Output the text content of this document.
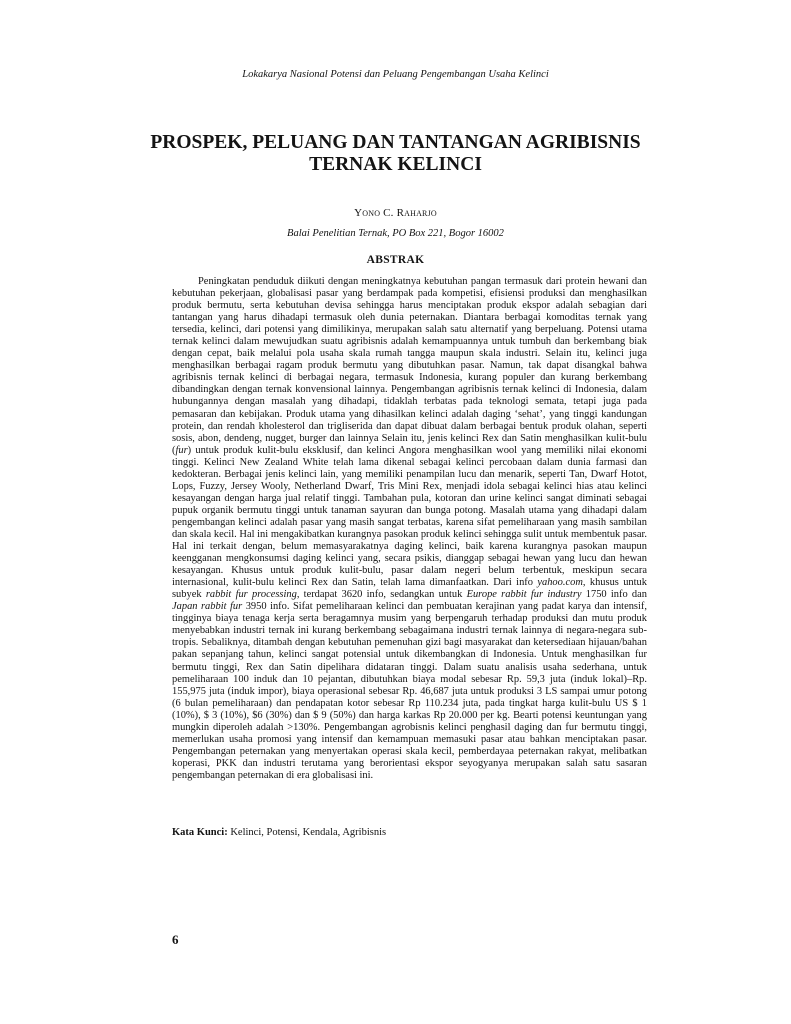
Lokakarya Nasional Potensi dan Peluang Pengembangan Usaha Kelinci
PROSPEK, PELUANG DAN TANTANGAN AGRIBISNIS
TERNAK KELINCI
Yono C. Raharjo
Balai Penelitian Ternak, PO Box 221, Bogor 16002
ABSTRAK

Peningkatan penduduk diikuti dengan meningkatnya kebutuhan pangan termasuk dari protein hewani dan kebutuhan pekerjaan, globalisasi pasar yang berdampak pada kompetisi, efisiensi produksi dan menghasilkan produk bermutu, serta kebutuhan devisa sehingga harus menciptakan produk ekspor adalah sebagian dari tantangan yang harus dihadapi termasuk oleh dunia peternakan. Diantara berbagai komoditas ternak yang tersedia, kelinci, dari potensi yang dimilikinya, merupakan salah satu alternatif yang berpeluang. Potensi utama ternak kelinci dalam mewujudkan suatu agribisnis adalah kemampuannya untuk tumbuh dan berkembang biak dengan cepat, baik melalui pola usaha skala rumah tangga maupun skala industri. Selain itu, kelinci juga menghasilkan berbagai ragam produk bermutu yang dibutuhkan pasar. Namun, tak dapat disangkal bahwa agribisnis ternak kelinci di berbagai negara, termasuk Indonesia, kurang populer dan kurang berkembang dibandingkan dengan ternak konvensional lainnya. Pengembangan agribisnis ternak kelinci di Indonesia, dalam hubungannya dengan masalah yang dihadapi, tidaklah terbatas pada teknologi semata, tetapi juga pada pemasaran dan kebijakan. Produk utama yang dihasilkan kelinci adalah daging ‘sehat’, yang tinggi kandungan protein, dan rendah kholesterol dan trigliserida dan dapat dibuat dalam berbagai bentuk produk olahan, seperti sosis, abon, dendeng, nugget, burger dan lainnya Selain itu, jenis kelinci Rex dan Satin menghasilkan kulit-bulu (fur) untuk produk kulit-bulu eksklusif, dan kelinci Angora menghasilkan wool yang memiliki nilai ekonomi tinggi. Kelinci New Zealand White telah lama dikenal sebagai kelinci percobaan dalam dunia farmasi dan kedokteran. Berbagai jenis kelinci lain, yang memiliki penampilan lucu dan menarik, seperti Tan, Dwarf Hotot, Lops, Fuzzy, Jersey Wooly, Netherland Dwarf, Tris Mini Rex, menjadi idola sebagai kelinci hias atau kelinci kesayangan dengan harga jual relatif tinggi. Tambahan pula, kotoran dan urine kelinci sangat diminati sebagai pupuk organik bermutu tinggi untuk tanaman sayuran dan bunga potong. Masalah utama yang dihadapi dalam pengembangan kelinci adalah pasar yang masih sangat terbatas, karena sifat pemeliharaan yang masih sambilan dan skala kecil. Hal ini mengakibatkan kurangnya pasokan produk kelinci sehingga sulit untuk membentuk pasar. Hal ini terkait dengan, belum memasyarakatnya daging kelinci, baik karena kurangnya pasokan maupun keengganan mengkonsumsi daging kelinci yang, secara psikis, dianggap sebagai hewan yang lucu dan hewan kesayangan. Khusus untuk produk kulit-bulu, pasar dalam negeri belum terbentuk, meskipun secara internasional, kulit-bulu kelinci Rex dan Satin, telah lama dimanfaatkan. Dari info yahoo.com, khusus untuk subyek rabbit fur processing, terdapat 3620 info, sedangkan untuk Europe rabbit fur industry 1750 info dan Japan rabbit fur 3950 info. Sifat pemeliharaan kelinci dan pembuatan kerajinan yang padat karya dan intensif, tingginya biaya tenaga kerja serta beragamnya musim yang berpengaruh terhadap produksi dan mutu produk menyebabkan industri ternak ini kurang berkembang sebagaimana industri ternak lainnya di negara-negara sub-tropis. Sebaliknya, ditambah dengan kebutuhan pemenuhan gizi bagi masyarakat dan ketersediaan hijauan/bahan pakan sepanjang tahun, kelinci sangat potensial untuk dikembangkan di Indonesia. Untuk menghasilkan fur bermutu tinggi, Rex dan Satin dipelihara didataran tinggi. Dalam suatu analisis usaha sederhana, untuk pemeliharaan 100 induk dan 10 pejantan, dibutuhkan biaya modal sebesar Rp. 59,3 juta (induk lokal)–Rp. 155,975 juta (induk impor), biaya operasional sebesar Rp. 46,687 juta untuk produksi 3 LS sampai umur potong (6 bulan pemeliharaan) dan pendapatan kotor sebesar Rp 110.234 juta, pada tingkat harga kulit-bulu US $ 1 (10%), $ 3 (10%), $6 (30%) dan $ 9 (50%) dan harga karkas Rp 20.000 per kg. Bearti potensi keuntungan yang mungkin diperoleh adalah >130%. Pengembangan agrobisnis kelinci penghasil daging dan fur bermutu tinggi, memerlukan usaha promosi yang intensif dan kemampuan memasuki pasar atau bahkan menciptakan pasar. Pengembangan peternakan yang menyertakan operasi skala kecil, pemberdayaa peternakan rakyat, melibatkan koperasi, PKK dan industri terutama yang berorientasi ekspor seyogyanya merupakan salah satu sasaran pengembangan peternakan di era globalisasi ini.

Kata Kunci: Kelinci, Potensi, Kendala, Agribisnis
6
